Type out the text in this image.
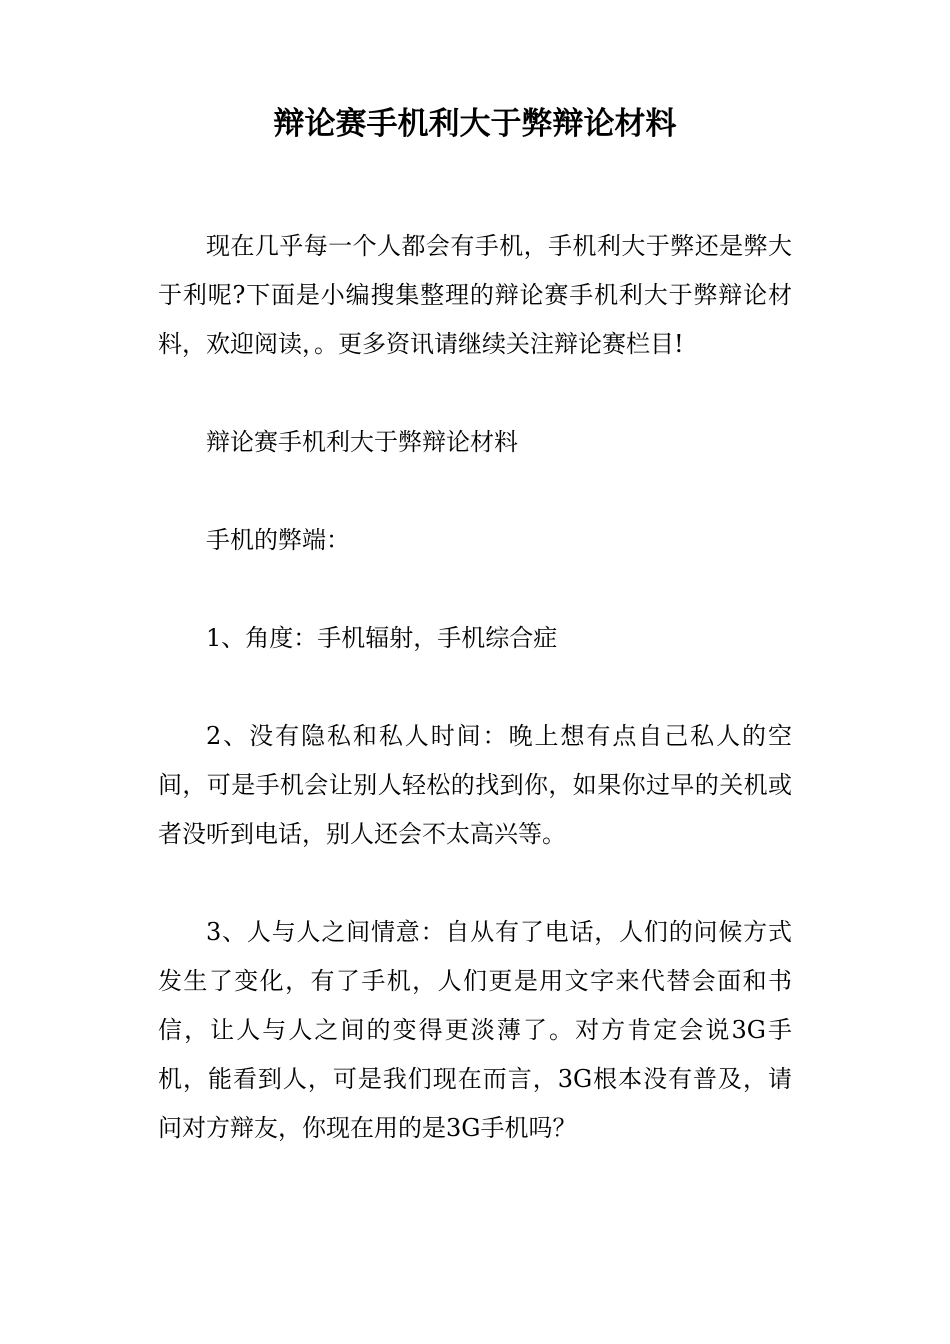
辩论赛手机利大于弊辩论材料

现在几乎每一个人都会有手机，手机利大于弊还是弊大于利呢?下面是小编搜集整理的辩论赛手机利大于弊辩论材料，欢迎阅读，。更多资讯请继续关注辩论赛栏目!

辩论赛手机利大于弊辩论材料

手机的弊端：

1、角度：手机辐射，手机综合症

2、没有隐私和私人时间：晚上想有点自己私人的空间，可是手机会让别人轻松的找到你，如果你过早的关机或者没听到电话，别人还会不太高兴等。

3、人与人之间情意：自从有了电话，人们的问候方式发生了变化，有了手机，人们更是用文字来代替会面和书信，让人与人之间的变得更淡薄了。对方肯定会说3G手机，能看到人，可是我们现在而言，3G根本没有普及，请问对方辩友，你现在用的是3G手机吗？
